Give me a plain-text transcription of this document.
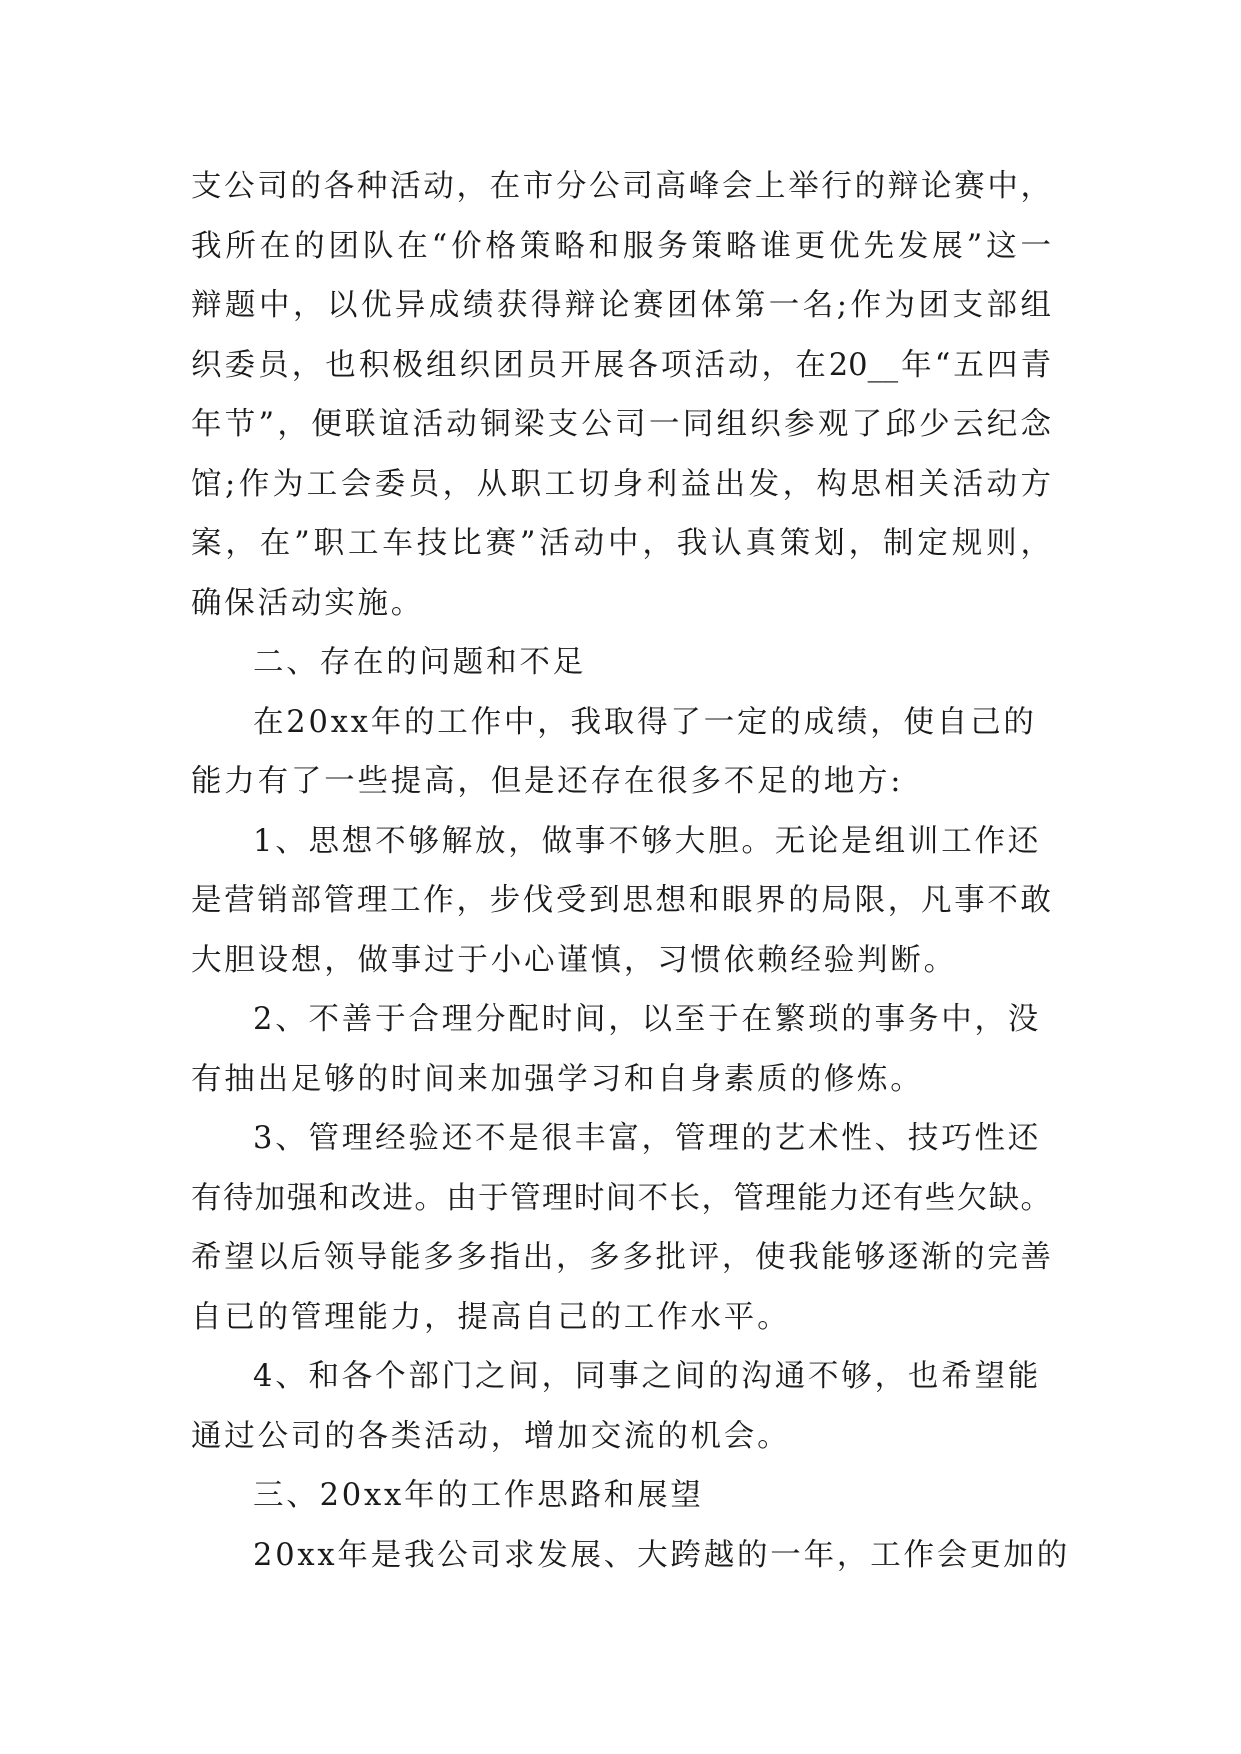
支公司的各种活动，在市分公司高峰会上举行的辩论赛中，
我所在的团队在“价格策略和服务策略谁更优先发展”这一
辩题中，以优异成绩获得辩论赛团体第一名;作为团支部组
织委员，也积极组织团员开展各项活动，在20__年“五四青
年节”，便联谊活动铜梁支公司一同组织参观了邱少云纪念
馆;作为工会委员，从职工切身利益出发，构思相关活动方
案，在”职工车技比赛”活动中，我认真策划，制定规则，
确保活动实施。
二、存在的问题和不足
在20xx年的工作中，我取得了一定的成绩，使自己的
能力有了一些提高，但是还存在很多不足的地方:
1、思想不够解放，做事不够大胆。无论是组训工作还
是营销部管理工作，步伐受到思想和眼界的局限，凡事不敢
大胆设想，做事过于小心谨慎，习惯依赖经验判断。
2、不善于合理分配时间，以至于在繁琐的事务中，没
有抽出足够的时间来加强学习和自身素质的修炼。
3、管理经验还不是很丰富，管理的艺术性、技巧性还
有待加强和改进。由于管理时间不长，管理能力还有些欠缺。
希望以后领导能多多指出，多多批评，使我能够逐渐的完善
自已的管理能力，提高自己的工作水平。
4、和各个部门之间，同事之间的沟通不够，也希望能
通过公司的各类活动，增加交流的机会。
三、20xx年的工作思路和展望
20xx年是我公司求发展、大跨越的一年，工作会更加的
